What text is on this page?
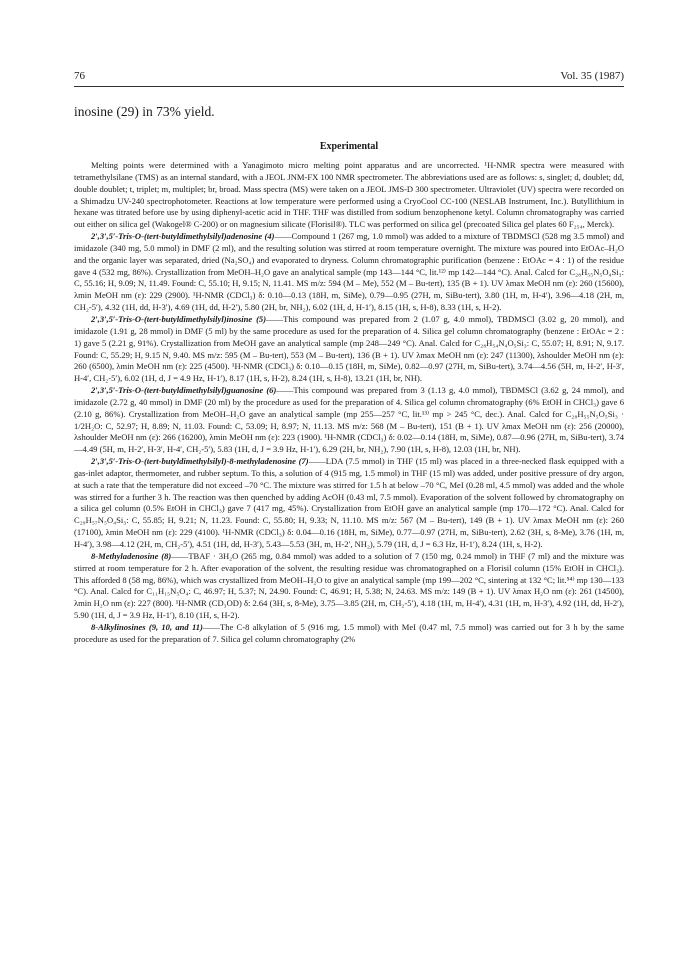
76	Vol. 35 (1987)
inosine (29) in 73% yield.
Experimental

Melting points were determined with a Yanagimoto micro melting point apparatus and are uncorrected. ¹H-NMR spectra were measured with tetramethylsilane (TMS) as an internal standard, with a JEOL JNM-FX 100 NMR spectrometer. The abbreviations used are as follows: s, singlet; d, doublet; dd, double doublet; t, triplet; m, multiplet; br, broad. Mass spectra (MS) were taken on a JEOL JMS-D 300 spectrometer. Ultraviolet (UV) spectra were recorded on a Shimadzu UV-240 spectrophotometer. Reactions at low temperature were performed using a CryoCool CC-100 (NESLAB Instrument, Inc.). Butyllithium in hexane was titrated before use by using diphenyl-acetic acid in THF. THF was distilled from sodium benzophenone ketyl. Column chromatography was carried out either on silica gel (Wakogel® C-200) or on magnesium silicate (Florisil®). TLC was performed on silica gel (precoated Silica gel plates 60 F₂₅₄, Merck).

2′,3′,5′-Tris-O-(tert-butyldimethylsilyl)adenosine (4)——Compound 1 (267 mg, 1.0 mmol) was added to a mixture of TBDMSCl (528 mg 3.5 mmol) and imidazole (340 mg, 5.0 mmol) in DMF (2 ml), and the resulting solution was stirred at room temperature overnight. The mixture was poured into EtOAc–H₂O and the organic layer was separated, dried (Na₂SO₄) and evaporated to dryness. Column chromatographic purification (benzene : EtOAc = 4 : 1) of the residue gave 4 (532 mg, 86%). Crystallization from MeOH–H₂O gave an analytical sample (mp 143—144 °C, lit.¹²⁾ mp 142—144 °C). Anal. Calcd for C₂₈H₅₅N₅O₄Si₃: C, 55.16; H, 9.09; N, 11.49. Found: C, 55.10; H, 9.15; N, 11.41. MS m/z: 594 (M – Me), 552 (M – Bu-tert), 135 (B + 1). UV λmax MeOH nm (ε): 260 (15600), λmin MeOH nm (ε): 229 (2900). ¹H-NMR (CDCl₃) δ: 0.10—0.13 (18H, m, SiMe), 0.79—0.95 (27H, m, SiBu-tert), 3.80 (1H, m, H-4′), 3.96—4.18 (2H, m, CH₂-5′), 4.32 (1H, dd, H-3′), 4.69 (1H, dd, H-2′), 5.80 (2H, br, NH₂), 6.02 (1H, d, H-1′), 8.15 (1H, s, H-8), 8.33 (1H, s, H-2).

2′,3′,5′-Tris-O-(tert-butyldimethylsilyl)inosine (5)——This compound was prepared from 2 (1.07 g, 4.0 mmol), TBDMSCl (3.02 g, 20 mmol), and imidazole (1.91 g, 28 mmol) in DMF (5 ml) by the same procedure as used for the preparation of 4. Silica gel column chromatography (benzene : EtOAc = 2 : 1) gave 5 (2.21 g, 91%). Crystallization from MeOH gave an analytical sample (mp 248—249 °C). Anal. Calcd for C₂₈H₅₄N₄O₅Si₃: C, 55.07; H, 8.91; N, 9.17. Found: C, 55.29; H, 9.15 N, 9.40. MS m/z: 595 (M – Bu-tert), 553 (M – Bu-tert), 136 (B + 1). UV λmax MeOH nm (ε): 247 (11300), λshoulder MeOH nm (ε): 260 (6500), λmin MeOH nm (ε): 225 (4500). ¹H-NMR (CDCl₃) δ: 0.10—0.15 (18H, m, SiMe), 0.82—0.97 (27H, m, SiBu-tert), 3.74—4.56 (5H, m, H-2′, H-3′, H-4′, CH₂-5′), 6.02 (1H, d, J = 4.9 Hz, H-1′), 8.17 (1H, s, H-2), 8.24 (1H, s, H-8), 13.21 (1H, br, NH).

2′,3′,5′-Tris-O-(tert-butyldimethylsilyl)guanosine (6)——This compound was prepared from 3 (1.13 g, 4.0 mmol), TBDMSCl (3.62 g, 24 mmol), and imidazole (2.72 g, 40 mmol) in DMF (20 ml) by the procedure as used for the preparation of 4. Silica gel column chromatography (6% EtOH in CHCl₃) gave 6 (2.10 g, 86%). Crystallization from MeOH–H₂O gave an analytical sample (mp 255—257 °C, lit.¹³⁾ mp > 245 °C, dec.). Anal. Calcd for C₂₈H₅₅N₅O₅Si₃ · 1/2H₂O: C, 52.97; H, 8.89; N, 11.03. Found: C, 53.09; H, 8.97; N, 11.13. MS m/z: 568 (M – Bu-tert), 151 (B + 1). UV λmax MeOH nm (ε): 256 (20000), λshoulder MeOH nm (ε): 266 (16200), λmin MeOH nm (ε): 223 (1900). ¹H-NMR (CDCl₃) δ: 0.02—0.14 (18H, m, SiMe), 0.87—0.96 (27H, m, SiBu-tert), 3.74—4.49 (5H, m, H-2′, H-3′, H-4′, CH₂-5′), 5.83 (1H, d, J = 3.9 Hz, H-1′), 6.29 (2H, br, NH₂), 7.90 (1H, s, H-8), 12.03 (1H, br, NH).

2′,3′,5′-Tris-O-(tert-butyldimethylsilyl)-8-methyladenosine (7)——LDA (7.5 mmol) in THF (15 ml) was placed in a three-necked flask equipped with a gas-inlet adaptor, thermometer, and rubber septum. To this, a solution of 4 (915 mg, 1.5 mmol) in THF (15 ml) was added, under positive pressure of dry argon, at such a rate that the temperature did not exceed –70 °C. The mixture was stirred for 1.5 h at below –70 °C, MeI (0.28 ml, 4.5 mmol) was added and the whole was stirred for a further 3 h. The reaction was then quenched by adding AcOH (0.43 ml, 7.5 mmol). Evaporation of the solvent followed by chromatography on a silica gel column (0.5% EtOH in CHCl₃) gave 7 (417 mg, 45%). Crystallization from EtOH gave an analytical sample (mp 170—172 °C). Anal. Calcd for C₂₉H₅₇N₅O₄Si₃: C, 55.85; H, 9.21; N, 11.23. Found: C, 55.80; H, 9.33; N, 11.10. MS m/z: 567 (M – Bu-tert), 149 (B + 1). UV λmax MeOH nm (ε): 260 (17100), λmin MeOH nm (ε): 229 (4100). ¹H-NMR (CDCl₃) δ: 0.04—0.16 (18H, m, SiMe), 0.77—0.97 (27H, m, SiBu-tert), 2.62 (3H, s, 8-Me), 3.76 (1H, m, H-4′), 3.98—4.12 (2H, m, CH₂-5′), 4.51 (1H, dd, H-3′), 5.43—5.53 (3H, m, H-2′, NH₂), 5.79 (1H, d, J = 6.3 Hz, H-1′), 8.24 (1H, s, H-2).

8-Methyladenosine (8)——TBAF · 3H₂O (265 mg, 0.84 mmol) was added to a solution of 7 (150 mg, 0.24 mmol) in THF (7 ml) and the mixture was stirred at room temperature for 2 h. After evaporation of the solvent, the resulting residue was chromatographed on a Florisil column (15% EtOH in CHCl₃). This afforded 8 (58 mg, 86%), which was crystallized from MeOH–H₂O to give an analytical sample (mp 199—202 °C, sintering at 132 °C; lit.⁵⁴⁾ mp 130—133 °C). Anal. Calcd for C₁₁H₁₅N₅O₄: C, 46.97; H, 5.37; N, 24.90. Found: C, 46.91; H, 5.38; N, 24.63. MS m/z: 149 (B + 1). UV λmax H₂O nm (ε): 261 (14500), λmin H₂O nm (ε): 227 (800). ¹H-NMR (CD₃OD) δ: 2.64 (3H, s, 8-Me), 3.75—3.85 (2H, m, CH₂-5′), 4.18 (1H, m, H-4′), 4.31 (1H, m, H-3′), 4.92 (1H, dd, H-2′), 5.90 (1H, d, J = 3.9 Hz, H-1′), 8.10 (1H, s, H-2).

8-Alkylinosines (9, 10, and 11)——The C-8 alkylation of 5 (916 mg, 1.5 mmol) with MeI (0.47 ml, 7.5 mmol) was carried out for 3 h by the same procedure as used for the preparation of 7. Silica gel column chromatography (2%
